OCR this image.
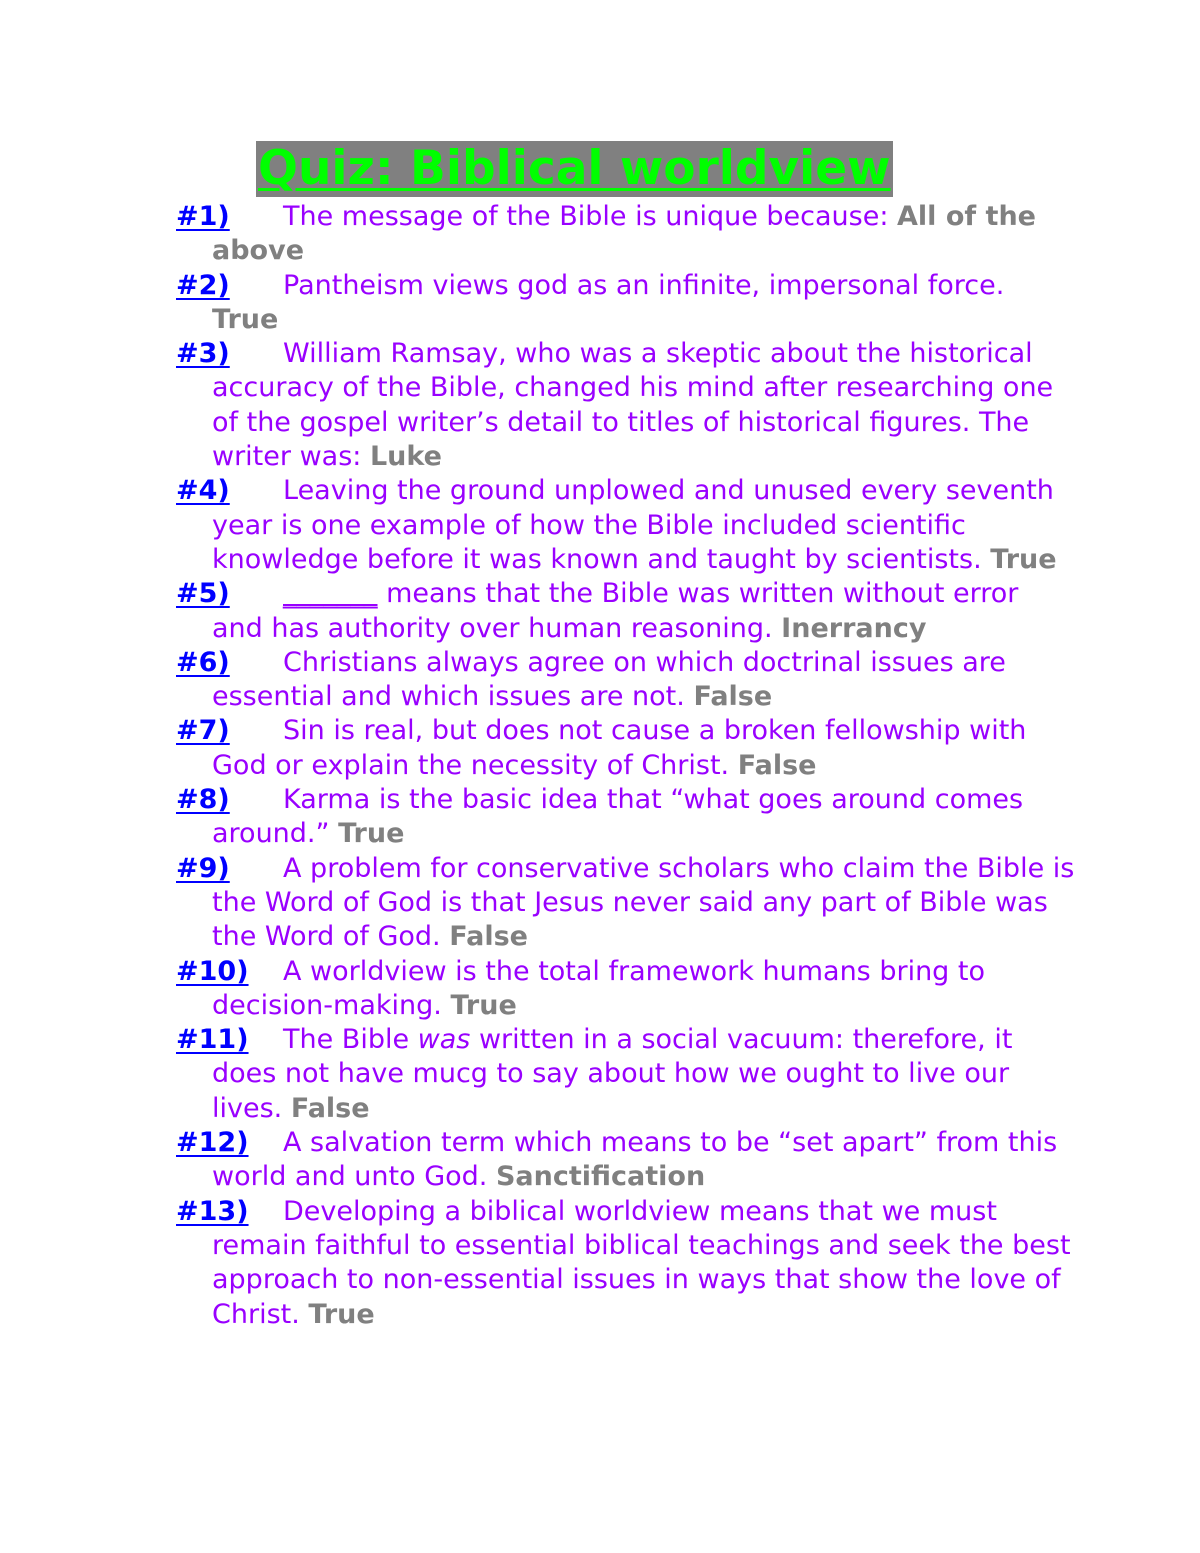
Quiz: Biblical worldview
#1) The message of the Bible is unique because: All of the above
#2) Pantheism views god as an infinite, impersonal force. True
#3) William Ramsay, who was a skeptic about the historical accuracy of the Bible, changed his mind after researching one of the gospel writer’s detail to titles of historical figures. The writer was: Luke
#4) Leaving the ground unplowed and unused every seventh year is one example of how the Bible included scientific knowledge before it was known and taught by scientists. True
#5) _______ means that the Bible was written without error and has authority over human reasoning. Inerrancy
#6) Christians always agree on which doctrinal issues are essential and which issues are not. False
#7) Sin is real, but does not cause a broken fellowship with God or explain the necessity of Christ. False
#8) Karma is the basic idea that “what goes around comes around.” True
#9) A problem for conservative scholars who claim the Bible is the Word of God is that Jesus never said any part of Bible was the Word of God. False
#10) A worldview is the total framework humans bring to decision-making. True
#11) The Bible was written in a social vacuum: therefore, it does not have mucg to say about how we ought to live our lives. False
#12) A salvation term which means to be “set apart” from this world and unto God. Sanctification
#13) Developing a biblical worldview means that we must remain faithful to essential biblical teachings and seek the best approach to non-essential issues in ways that show the love of Christ. True
